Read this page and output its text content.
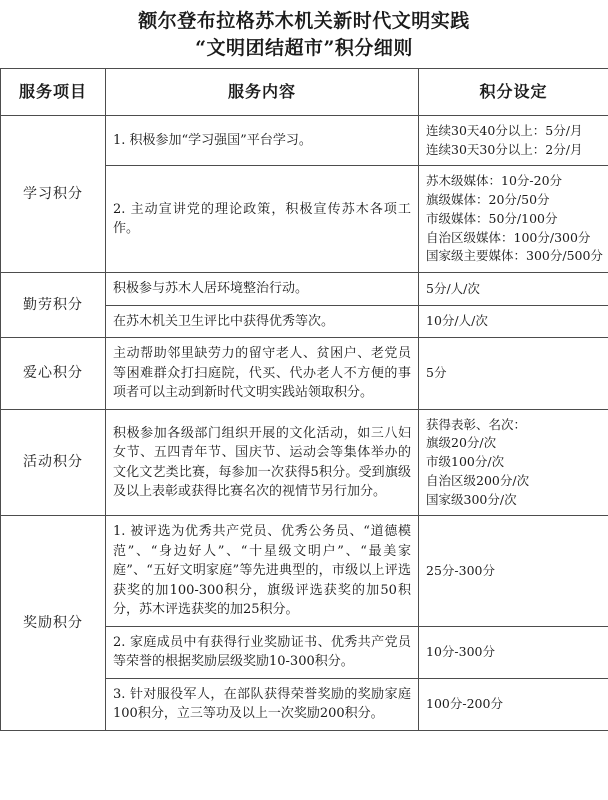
额尔登布拉格苏木机关新时代文明实践
“文明团结超市”积分细则
服务项目	服务内容	积分设定
学习积分	1. 积极参加“学习强国”平台学习。	连续30天40分以上：5分/月
连续30天30分以上：2分/月

	2. 主动宣讲党的理论政策，积极宣传苏木各项工作。	苏木级媒体：10分-20分
旗级媒体：20分/50分
市级媒体：50分/100分
自治区级媒体：100分/300分
国家级主要媒体：300分/500分

勤劳积分	积极参与苏木人居环境整治行动。	5分/人/次

	在苏木机关卫生评比中获得优秀等次。	10分/人/次

爱心积分	主动帮助邻里缺劳力的留守老人、贫困户、老党员等困难群众打扫庭院，代买、代办老人不方便的事项者可以主动到新时代文明实践站领取积分。	5分

活动积分	积极参加各级部门组织开展的文化活动，如三八妇女节、五四青年节、国庆节、运动会等集体举办的文化文艺类比赛，每参加一次获得5积分。受到旗级及以上表彰或获得比赛名次的视情节另行加分。	获得表彰、名次：
旗级20分/次
市级100分/次
自治区级200分/次
国家级300分/次

奖励积分	1. 被评选为优秀共产党员、优秀公务员、“道德模范”、“身边好人”、“十星级文明户”、“最美家庭”、“五好文明家庭”等先进典型的，市级以上评选获奖的加100-300积分，旗级评选获奖的加50积分，苏木评选获奖的加25积分。	25分-300分

	2. 家庭成员中有获得行业奖励证书、优秀共产党员等荣誉的根据奖励层级奖励10-300积分。	10分-300分

	3. 针对服役军人，在部队获得荣誉奖励的奖励家庭100积分，立三等功及以上一次奖励200积分。	100分-200分
